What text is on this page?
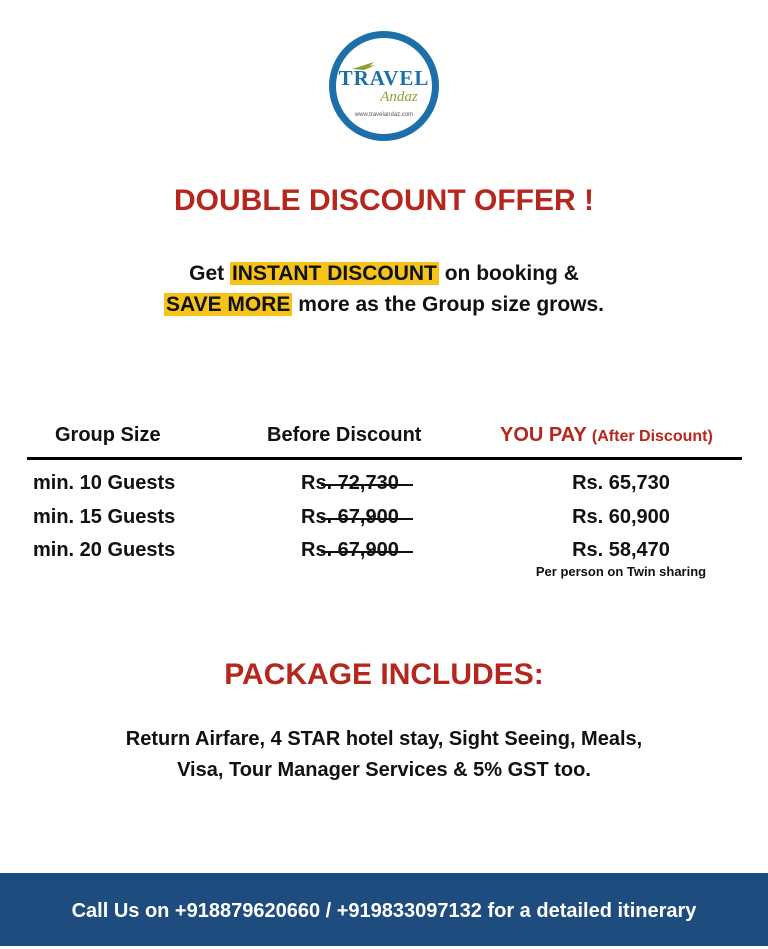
TRAVEL
Andaz
www.travelandaz.com
DOUBLE DISCOUNT OFFER !
Get INSTANT DISCOUNT on booking &
SAVE MORE more as the Group size grows.
Group Size	Before Discount	YOU PAY (After Discount)
min. 10 Guests	Rs. 72,730	Rs. 65,730
min. 15 Guests	Rs. 67,900	Rs. 60,900
min. 20 Guests	Rs. 67,900	Rs. 58,470
Per person on Twin sharing
PACKAGE INCLUDES:
Return Airfare, 4 STAR hotel stay, Sight Seeing, Meals,
Visa, Tour Manager Services & 5% GST too.
Call Us on +918879620660 / +919833097132 for a detailed itinerary
